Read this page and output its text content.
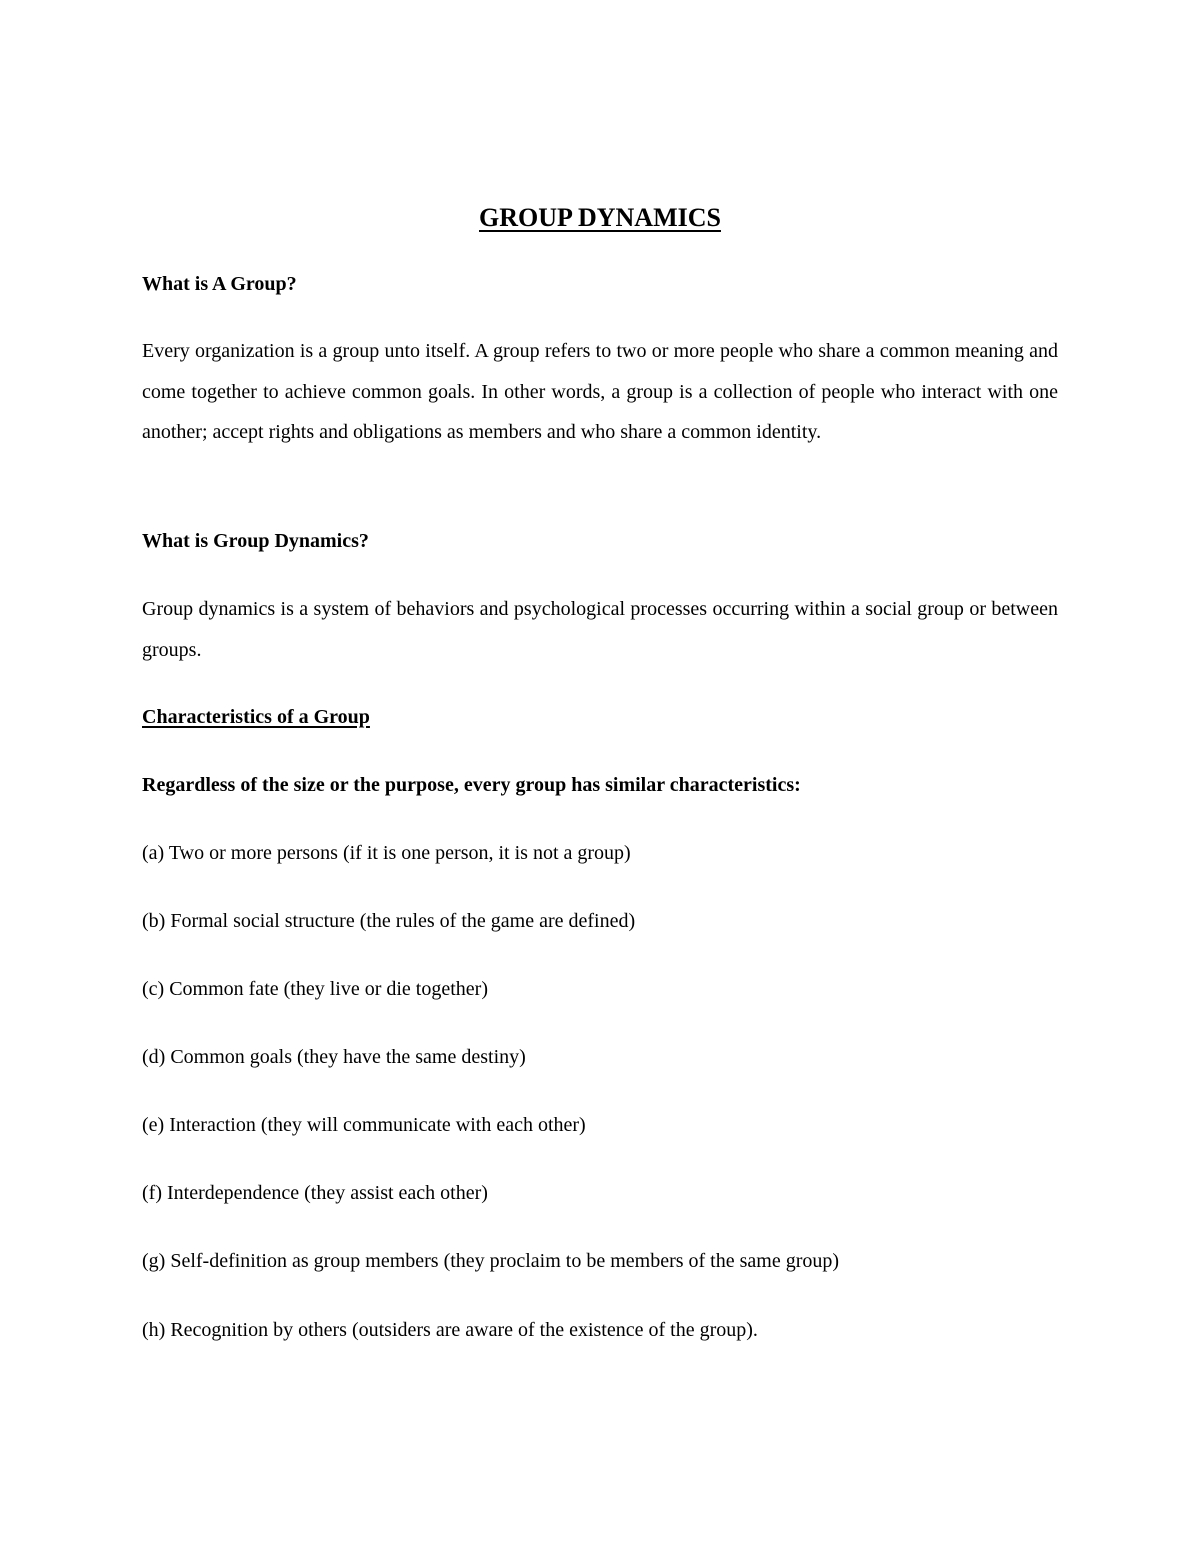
GROUP DYNAMICS
What is A Group?

Every organization is a group unto itself. A group refers to two or more people who share a common meaning and come together to achieve common goals. In other words, a group is a collection of people who interact with one another; accept rights and obligations as members and who share a common identity.

What is Group Dynamics?

Group dynamics is a system of behaviors and psychological processes occurring within a social group or between groups.

Characteristics of a Group

Regardless of the size or the purpose, every group has similar characteristics:

(a) Two or more persons (if it is one person, it is not a group)

(b) Formal social structure (the rules of the game are defined)

(c) Common fate (they live or die together)

(d) Common goals (they have the same destiny)

(e) Interaction (they will communicate with each other)

(f) Interdependence (they assist each other)

(g) Self-definition as group members (they proclaim to be members of the same group)

(h) Recognition by others (outsiders are aware of the existence of the group).
